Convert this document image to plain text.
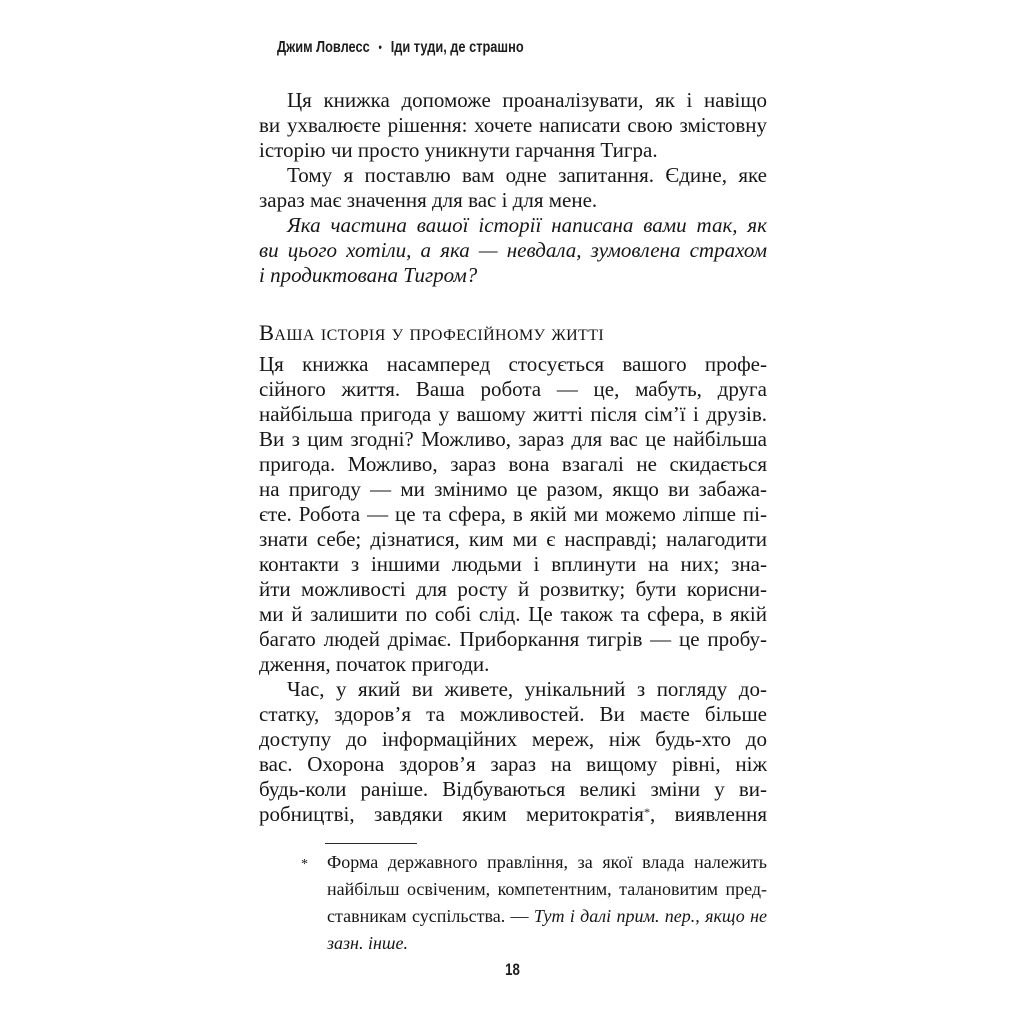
Джим Ловлесс • Іди туди, де страшно
Ця книжка допоможе проаналізувати, як і навіщо
ви ухвалюєте рішення: хочете написати свою змістовну
історію чи просто уникнути гарчання Тигра.
Тому я поставлю вам одне запитання. Єдине, яке
зараз має значення для вас і для мене.
Яка частина вашої історії написана вами так, як
ви цього хотіли, а яка — невдала, зумовлена страхом
і продиктована Тигром?
Ваша історія у професійному житті
Ця книжка насамперед стосується вашого профе-
сійного життя. Ваша робота — це, мабуть, друга
найбільша пригода у вашому житті після сім’ї і друзів.
Ви з цим згодні? Можливо, зараз для вас це найбільша
пригода. Можливо, зараз вона взагалі не скидається
на пригоду — ми змінимо це разом, якщо ви забажа-
єте. Робота — це та сфера, в якій ми можемо ліпше пі-
знати себе; дізнатися, ким ми є насправді; налагодити
контакти з іншими людьми і вплинути на них; зна-
йти можливості для росту й розвитку; бути корисни-
ми й залишити по собі слід. Це також та сфера, в якій
багато людей дрімає. Приборкання тигрів — це пробу-
дження, початок пригоди.
Час, у який ви живете, унікальний з погляду до-
статку, здоров’я та можливостей. Ви маєте більше
доступу до інформаційних мереж, ніж будь-хто до
вас. Охорона здоров’я зараз на вищому рівні, ніж
будь-коли раніше. Відбуваються великі зміни у ви-
робництві, завдяки яким меритократія*, виявлення
*	Форма державного правління, за якої влада належить
найбільш освіченим, компетентним, талановитим пред-
ставникам суспільства. — Тут і далі прим. пер., якщо не
зазн. інше.
18
